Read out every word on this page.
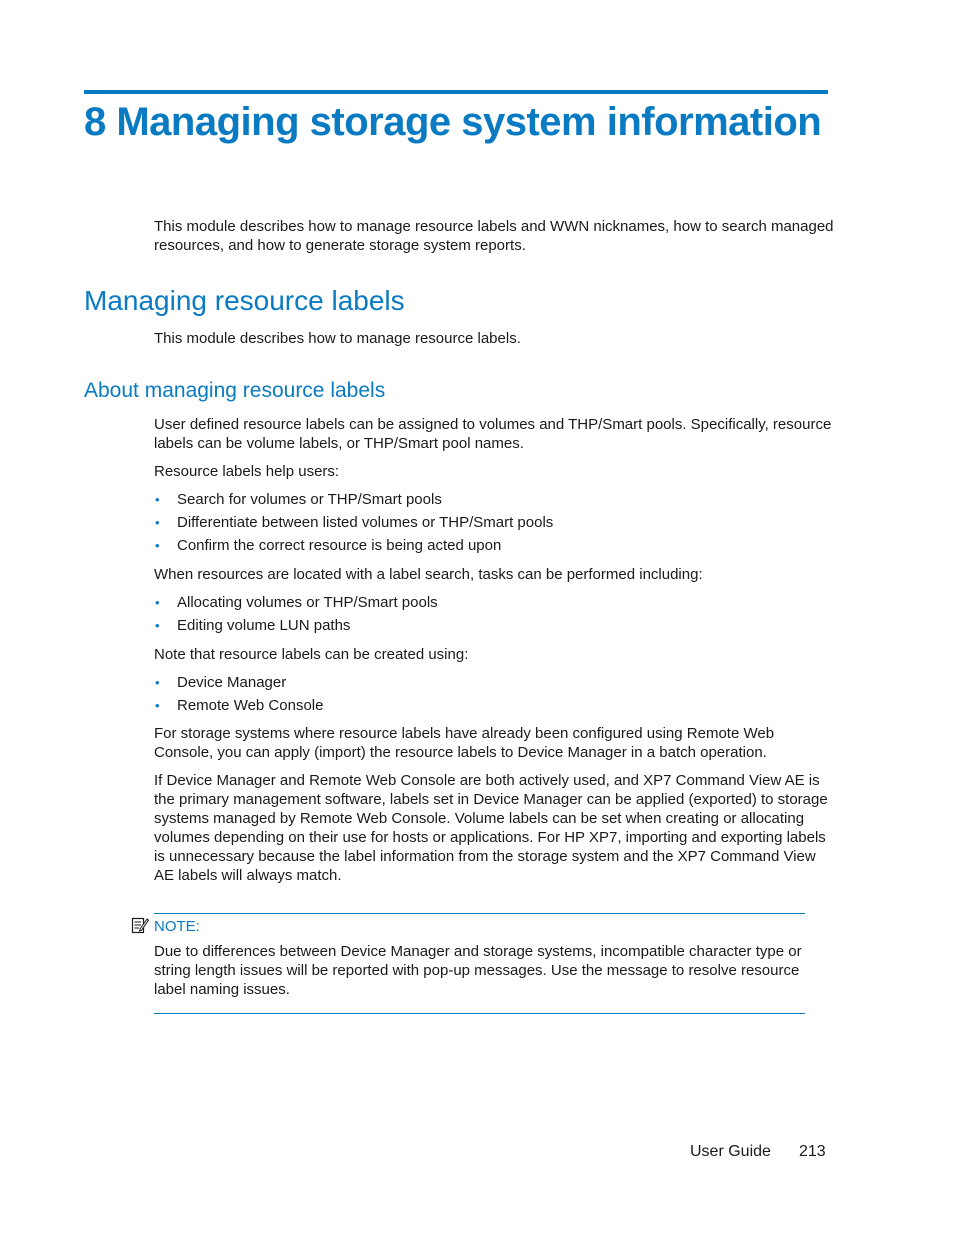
8 Managing storage system information

This module describes how to manage resource labels and WWN nicknames, how to search managed resources, and how to generate storage system reports.

Managing resource labels

This module describes how to manage resource labels.

About managing resource labels

User defined resource labels can be assigned to volumes and THP/Smart pools. Specifically, resource labels can be volume labels, or THP/Smart pool names.

Resource labels help users:

• Search for volumes or THP/Smart pools
• Differentiate between listed volumes or THP/Smart pools
• Confirm the correct resource is being acted upon

When resources are located with a label search, tasks can be performed including:

• Allocating volumes or THP/Smart pools
• Editing volume LUN paths

Note that resource labels can be created using:

• Device Manager
• Remote Web Console

For storage systems where resource labels have already been configured using Remote Web Console, you can apply (import) the resource labels to Device Manager in a batch operation.

If Device Manager and Remote Web Console are both actively used, and XP7 Command View AE is the primary management software, labels set in Device Manager can be applied (exported) to storage systems managed by Remote Web Console. Volume labels can be set when creating or allocating volumes depending on their use for hosts or applications. For HP XP7, importing and exporting labels is unnecessary because the label information from the storage system and the XP7 Command View AE labels will always match.

NOTE:

Due to differences between Device Manager and storage systems, incompatible character type or string length issues will be reported with pop-up messages. Use the message to resolve resource label naming issues.

User Guide 213
